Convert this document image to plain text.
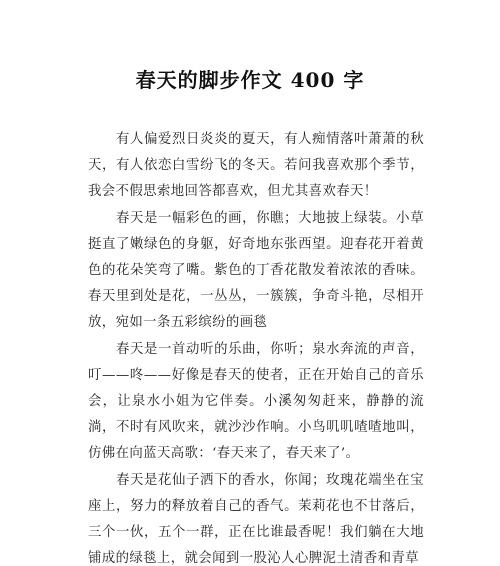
春天的脚步作文 400 字

有人偏爱烈日炎炎的夏天，有人痴情落叶萧萧的秋天，有人依恋白雪纷飞的冬天。若问我喜欢那个季节，我会不假思索地回答都喜欢，但尤其喜欢春天！

春天是一幅彩色的画，你瞧；大地披上绿装。小草挺直了嫩绿色的身躯，好奇地东张西望。迎春花开着黄色的花朵笑弯了嘴。紫色的丁香花散发着浓浓的香味。春天里到处是花，一丛丛，一簇簇，争奇斗艳，尽相开放，宛如一条五彩缤纷的画毯

春天是一首动听的乐曲，你听；泉水奔流的声音，叮——咚——好像是春天的使者，正在开始自己的音乐会，让泉水小姐为它伴奏。小溪匆匆赶来，静静的流淌，不时有风吹来，就沙沙作响。小鸟叽叽喳喳地叫，仿佛在向蓝天高歌：‘春天来了，春天来了’。

春天是花仙子洒下的香水，你闻；玫瑰花端坐在宝座上，努力的释放着自己的香气。茉莉花也不甘落后，三个一伙，五个一群，正在比谁最香呢！我们躺在大地铺成的绿毯上，就会闻到一股沁人心脾泥土清香和青草
